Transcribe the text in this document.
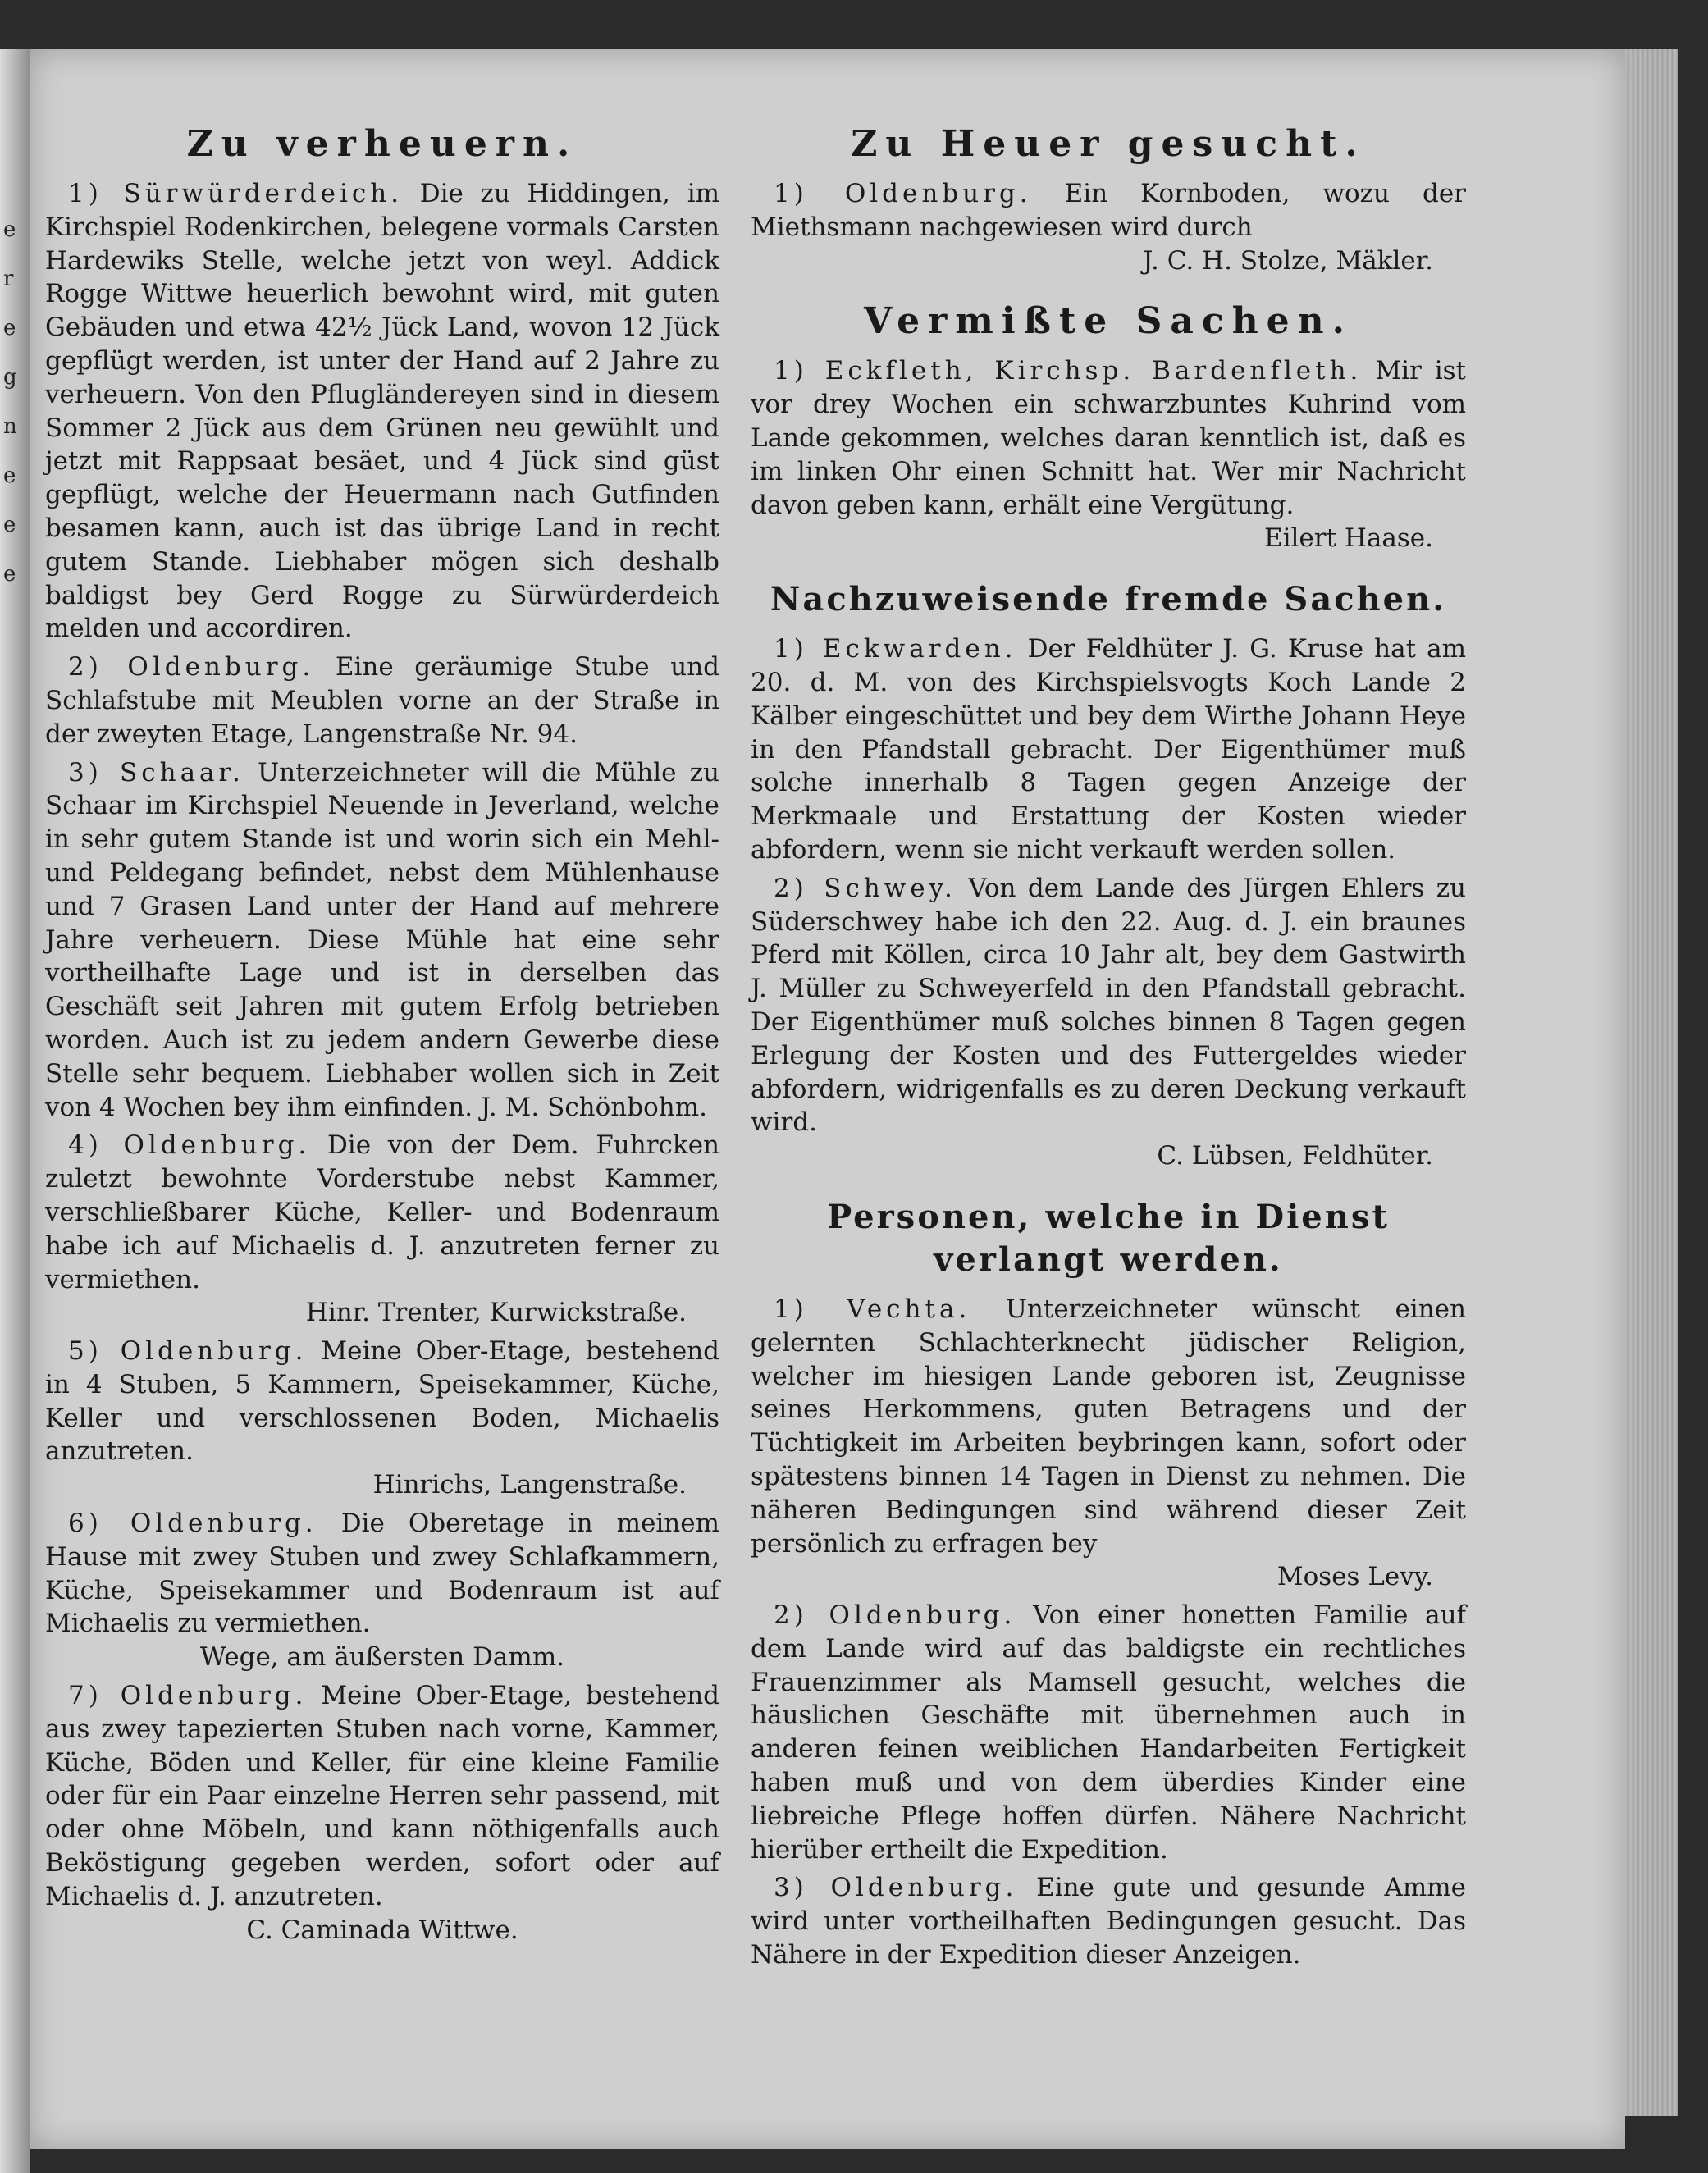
e
r
e
g
n
e
e
e
Zu verheuern.

1) Sürwürderdeich. Die zu Hiddingen, im Kirchspiel Rodenkirchen, belegene vormals Carsten Hardewiks Stelle, welche jetzt von weyl. Addick Rogge Wittwe heuerlich bewohnt wird, mit guten Gebäuden und etwa 42½ Jück Land, wovon 12 Jück gepflügt werden, ist unter der Hand auf 2 Jahre zu verheuern. Von den Pflugländereyen sind in diesem Sommer 2 Jück aus dem Grünen neu gewühlt und jetzt mit Rappsaat besäet, und 4 Jück sind güst gepflügt, welche der Heuermann nach Gutfinden besamen kann, auch ist das übrige Land in recht gutem Stande. Liebhaber mögen sich deshalb baldigst bey Gerd Rogge zu Sürwürderdeich melden und accordiren.

2) Oldenburg. Eine geräumige Stube und Schlafstube mit Meublen vorne an der Straße in der zweyten Etage, Langenstraße Nr. 94.

3) Schaar. Unterzeichneter will die Mühle zu Schaar im Kirchspiel Neuende in Jeverland, welche in sehr gutem Stande ist und worin sich ein Mehl- und Peldegang befindet, nebst dem Mühlenhause und 7 Grasen Land unter der Hand auf mehrere Jahre verheuern. Diese Mühle hat eine sehr vortheilhafte Lage und ist in derselben das Geschäft seit Jahren mit gutem Erfolg betrieben worden. Auch ist zu jedem andern Gewerbe diese Stelle sehr bequem. Liebhaber wollen sich in Zeit von 4 Wochen bey ihm einfinden. J. M. Schönbohm.

4) Oldenburg. Die von der Dem. Fuhrcken zuletzt bewohnte Vorderstube nebst Kammer, verschließbarer Küche, Keller- und Bodenraum habe ich auf Michaelis d. J. anzutreten ferner zu vermiethen.
Hinr. Trenter, Kurwickstraße.

5) Oldenburg. Meine Ober-Etage, bestehend in 4 Stuben, 5 Kammern, Speisekammer, Küche, Keller und verschlossenen Boden, Michaelis anzutreten.
Hinrichs, Langenstraße.

6) Oldenburg. Die Oberetage in meinem Hause mit zwey Stuben und zwey Schlafkammern, Küche, Speisekammer und Bodenraum ist auf Michaelis zu vermiethen.
Wege, am äußersten Damm.

7) Oldenburg. Meine Ober-Etage, bestehend aus zwey tapezierten Stuben nach vorne, Kammer, Küche, Böden und Keller, für eine kleine Familie oder für ein Paar einzelne Herren sehr passend, mit oder ohne Möbeln, und kann nöthigenfalls auch Beköstigung gegeben werden, sofort oder auf Michaelis d. J. anzutreten.
C. Caminada Wittwe.

Zu Heuer gesucht.

1) Oldenburg. Ein Kornboden, wozu der Miethsmann nachgewiesen wird durch
J. C. H. Stolze, Mäkler.

Vermißte Sachen.

1) Eckfleth, Kirchsp. Bardenfleth. Mir ist vor drey Wochen ein schwarzbuntes Kuhrind vom Lande gekommen, welches daran kenntlich ist, daß es im linken Ohr einen Schnitt hat. Wer mir Nachricht davon geben kann, erhält eine Vergütung.
Eilert Haase.

Nachzuweisende fremde Sachen.

1) Eckwarden. Der Feldhüter J. G. Kruse hat am 20. d. M. von des Kirchspielsvogts Koch Lande 2 Kälber eingeschüttet und bey dem Wirthe Johann Heye in den Pfandstall gebracht. Der Eigenthümer muß solche innerhalb 8 Tagen gegen Anzeige der Merkmaale und Erstattung der Kosten wieder abfordern, wenn sie nicht verkauft werden sollen.

2) Schwey. Von dem Lande des Jürgen Ehlers zu Süderschwey habe ich den 22. Aug. d. J. ein braunes Pferd mit Köllen, circa 10 Jahr alt, bey dem Gastwirth J. Müller zu Schweyerfeld in den Pfandstall gebracht. Der Eigenthümer muß solches binnen 8 Tagen gegen Erlegung der Kosten und des Futtergeldes wieder abfordern, widrigenfalls es zu deren Deckung verkauft wird.
C. Lübsen, Feldhüter.

Personen, welche in Dienst verlangt werden.

1) Vechta. Unterzeichneter wünscht einen gelernten Schlachterknecht jüdischer Religion, welcher im hiesigen Lande geboren ist, Zeugnisse seines Herkommens, guten Betragens und der Tüchtigkeit im Arbeiten beybringen kann, sofort oder spätestens binnen 14 Tagen in Dienst zu nehmen. Die näheren Bedingungen sind während dieser Zeit persönlich zu erfragen bey
Moses Levy.

2) Oldenburg. Von einer honetten Familie auf dem Lande wird auf das baldigste ein rechtliches Frauenzimmer als Mamsell gesucht, welches die häuslichen Geschäfte mit übernehmen auch in anderen feinen weiblichen Handarbeiten Fertigkeit haben muß und von dem überdies Kinder eine liebreiche Pflege hoffen dürfen. Nähere Nachricht hierüber ertheilt die Expedition.

3) Oldenburg. Eine gute und gesunde Amme wird unter vortheilhaften Bedingungen gesucht. Das Nähere in der Expedition dieser Anzeigen.
